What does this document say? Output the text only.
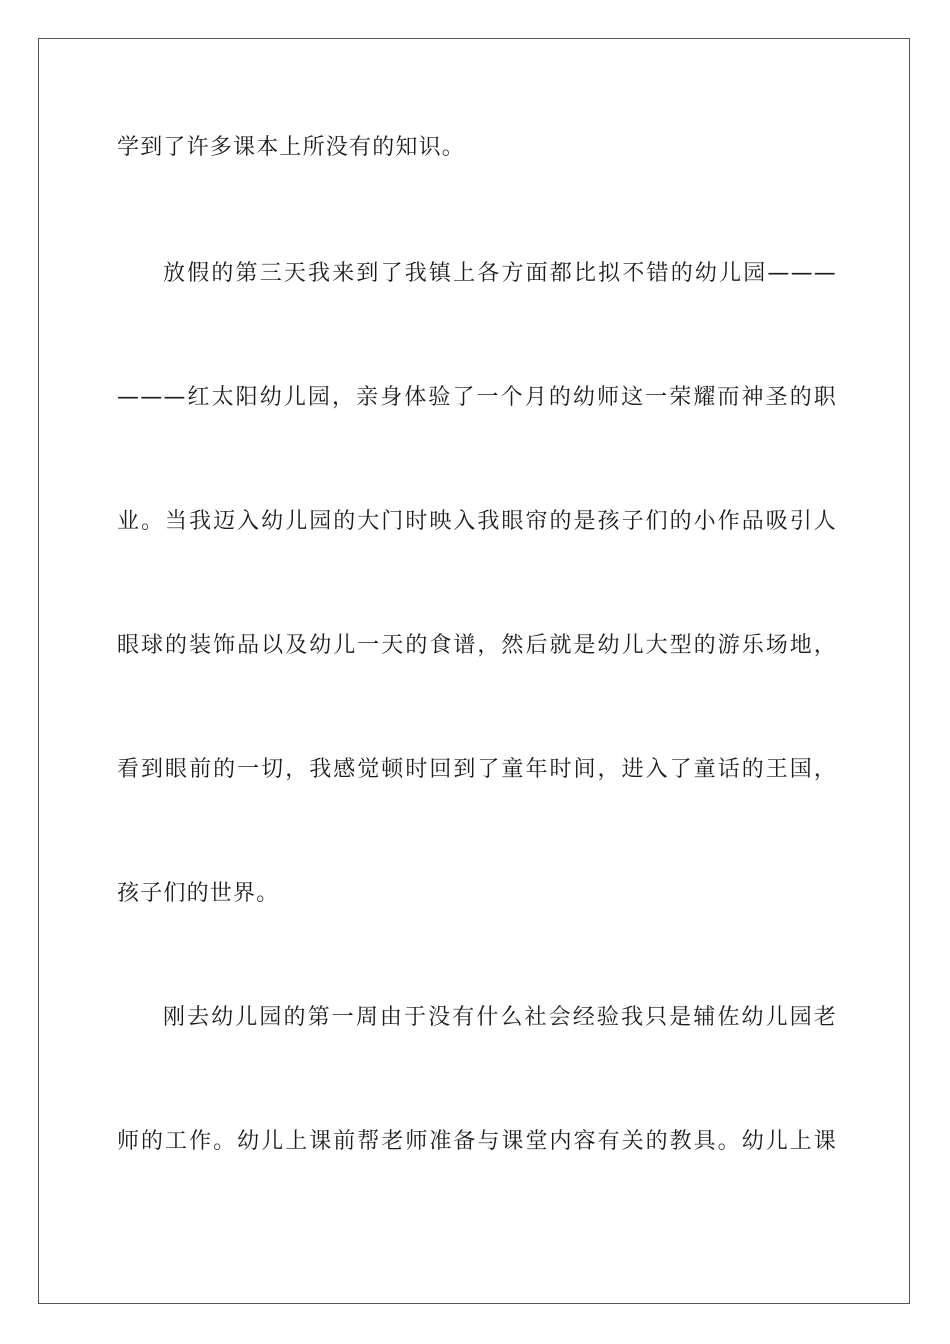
学到了许多课本上所没有的知识。
放假的第三天我来到了我镇上各方面都比拟不错的幼儿园———
———红太阳幼儿园，亲身体验了一个月的幼师这一荣耀而神圣的职
业。当我迈入幼儿园的大门时映入我眼帘的是孩子们的小作品吸引人
眼球的装饰品以及幼儿一天的食谱，然后就是幼儿大型的游乐场地，
看到眼前的一切，我感觉顿时回到了童年时间，进入了童话的王国，
孩子们的世界。
刚去幼儿园的第一周由于没有什么社会经验我只是辅佐幼儿园老
师的工作。幼儿上课前帮老师准备与课堂内容有关的教具。幼儿上课
